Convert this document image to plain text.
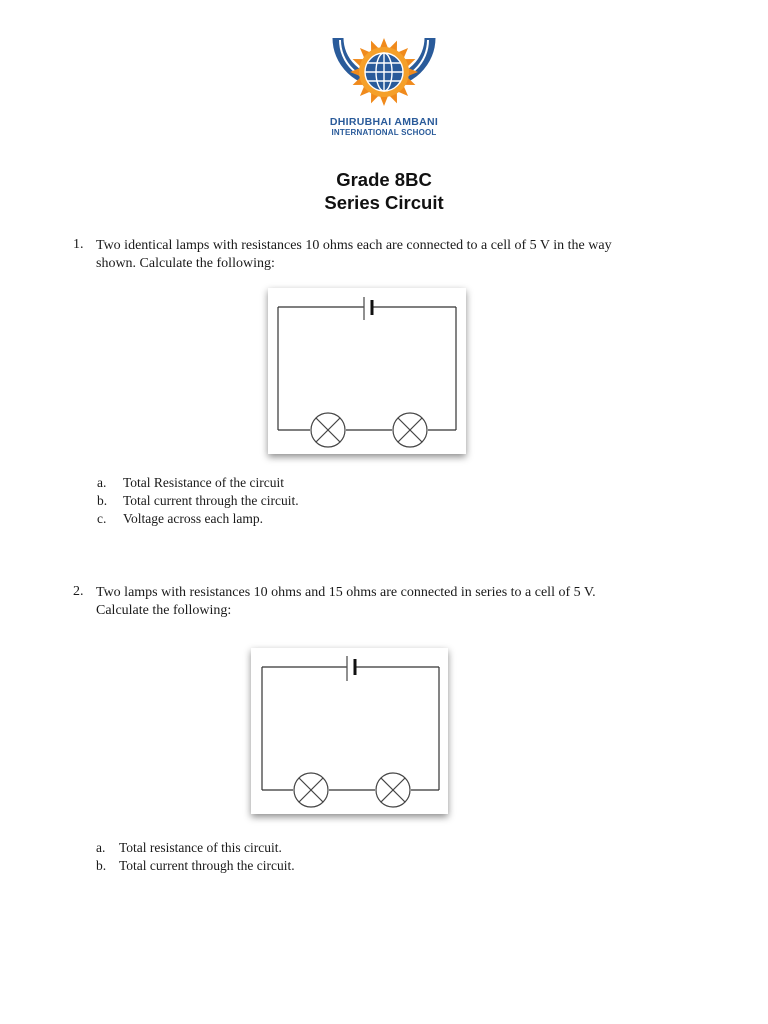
DHIRUBHAI AMBANI
INTERNATIONAL SCHOOL
Grade 8BC
Series Circuit
1. Two identical lamps with resistances 10 ohms each are connected to a cell of 5 V in the way
shown. Calculate the following:
a. Total Resistance of the circuit
b. Total current through the circuit.
c. Voltage across each lamp.
2. Two lamps with resistances 10 ohms and 15 ohms are connected in series to a cell of 5 V.
Calculate the following:
a. Total resistance of this circuit.
b. Total current through the circuit.
